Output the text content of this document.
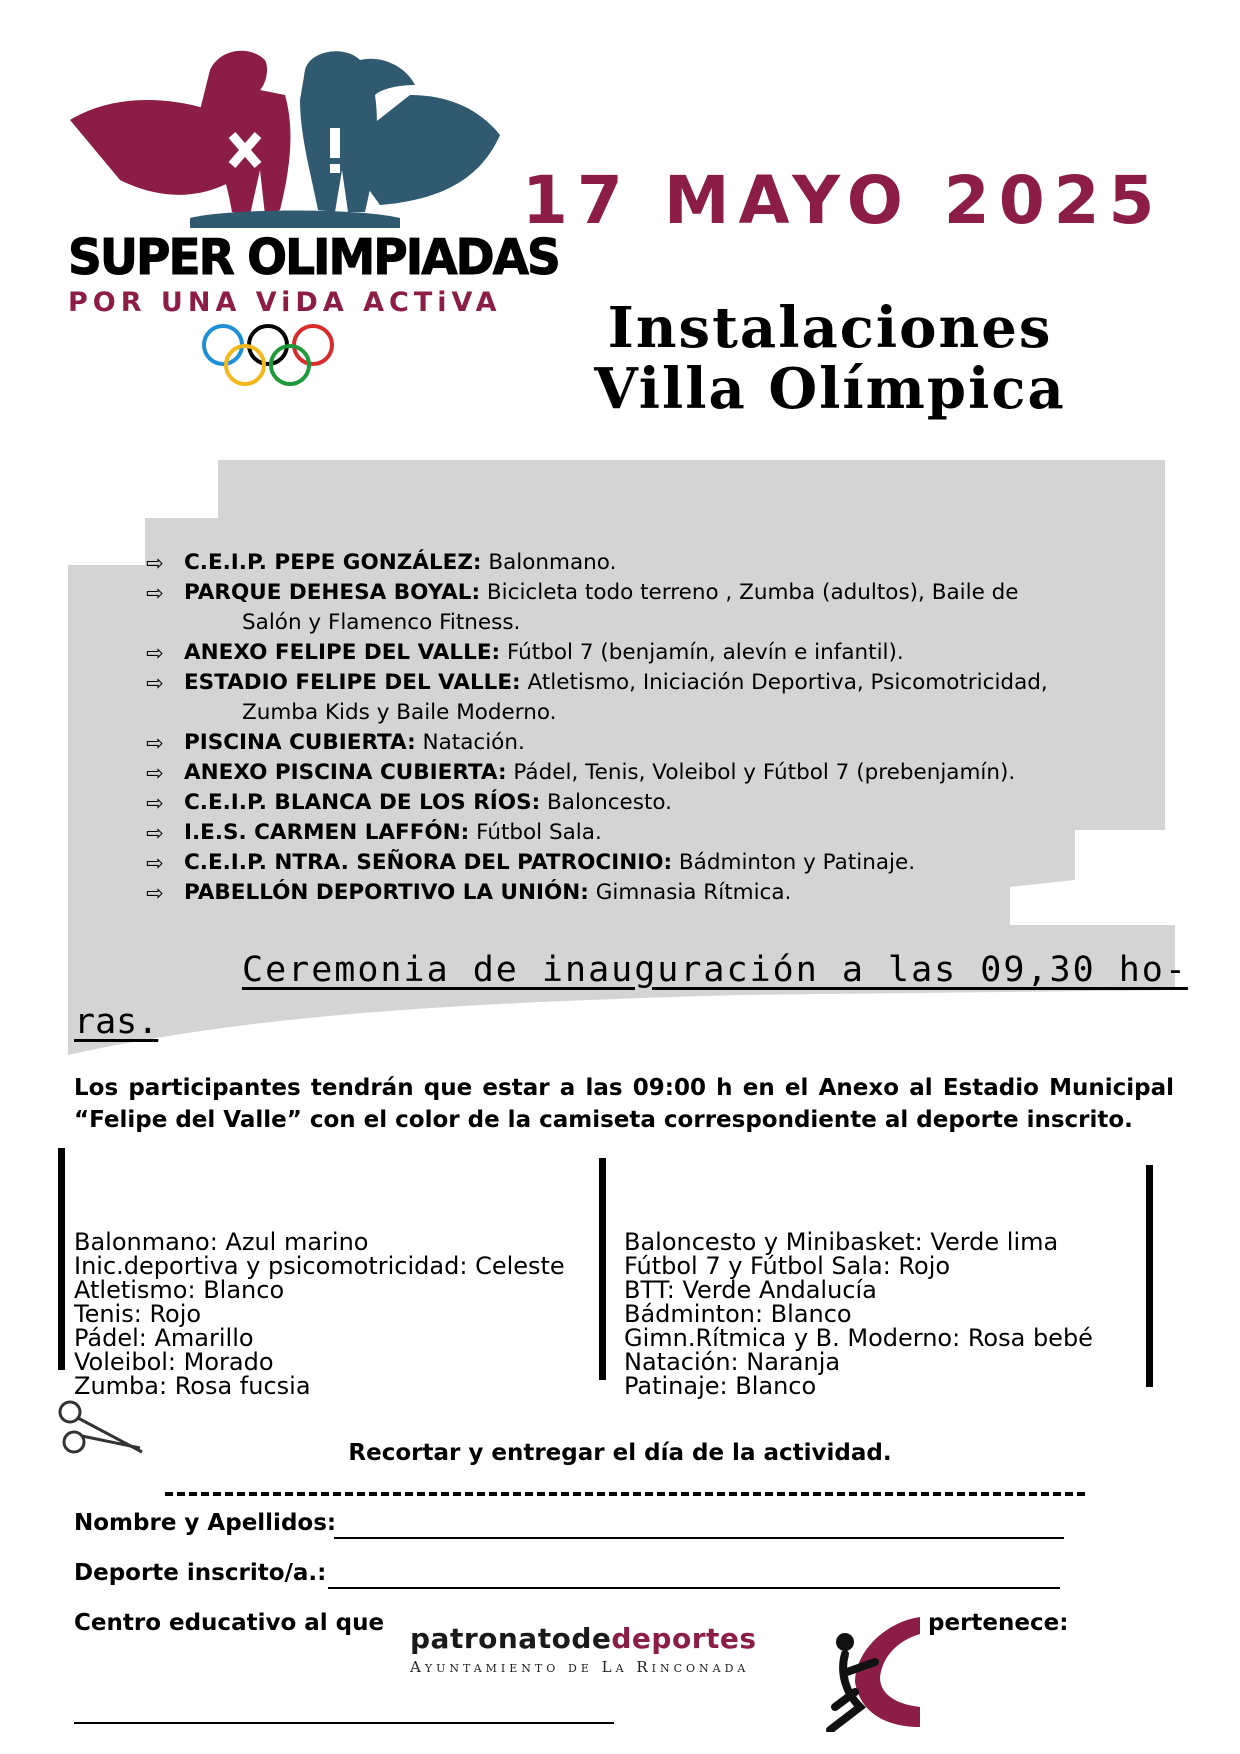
SUPER OLIMPIADAS
POR UNA ViDA ACTiVA
17 MAYO 2025
Instalaciones
Villa Olímpica
⇨ C.E.I.P. PEPE GONZÁLEZ: Balonmano.
⇨ PARQUE DEHESA BOYAL: Bicicleta todo terreno , Zumba (adultos), Baile de
Salón y Flamenco Fitness.
⇨ ANEXO FELIPE DEL VALLE: Fútbol 7 (benjamín, alevín e infantil).
⇨ ESTADIO FELIPE DEL VALLE: Atletismo, Iniciación Deportiva, Psicomotricidad,
Zumba Kids y Baile Moderno.
⇨ PISCINA CUBIERTA: Natación.
⇨ ANEXO PISCINA CUBIERTA: Pádel, Tenis, Voleibol y Fútbol 7 (prebenjamín).
⇨ C.E.I.P. BLANCA DE LOS RÍOS: Baloncesto.
⇨ I.E.S. CARMEN LAFFÓN: Fútbol Sala.
⇨ C.E.I.P. NTRA. SEÑORA DEL PATROCINIO: Bádminton y Patinaje.
⇨ PABELLÓN DEPORTIVO LA UNIÓN: Gimnasia Rítmica.
Ceremonia de inauguración a las 09,30 ho-
ras.
Los participantes tendrán que estar a las 09:00 h en el Anexo al Estadio Municipal “Felipe del Valle” con el color de la camiseta correspondiente al deporte inscrito.
Balonmano: Azul marino
Inic.deportiva y psicomotricidad: Celeste
Atletismo: Blanco
Tenis: Rojo
Pádel: Amarillo
Voleibol: Morado
Zumba: Rosa fucsia
Baloncesto y Minibasket: Verde lima
Fútbol 7 y Fútbol Sala: Rojo
BTT: Verde Andalucía
Bádminton: Blanco
Gimn.Rítmica y B. Moderno: Rosa bebé
Natación: Naranja
Patinaje: Blanco
Recortar y entregar el día de la actividad.
Nombre y Apellidos:
Deporte inscrito/a.:
Centro educativo al que	pertenece:
patronatodedeportes
Ayuntamiento de La Rinconada
